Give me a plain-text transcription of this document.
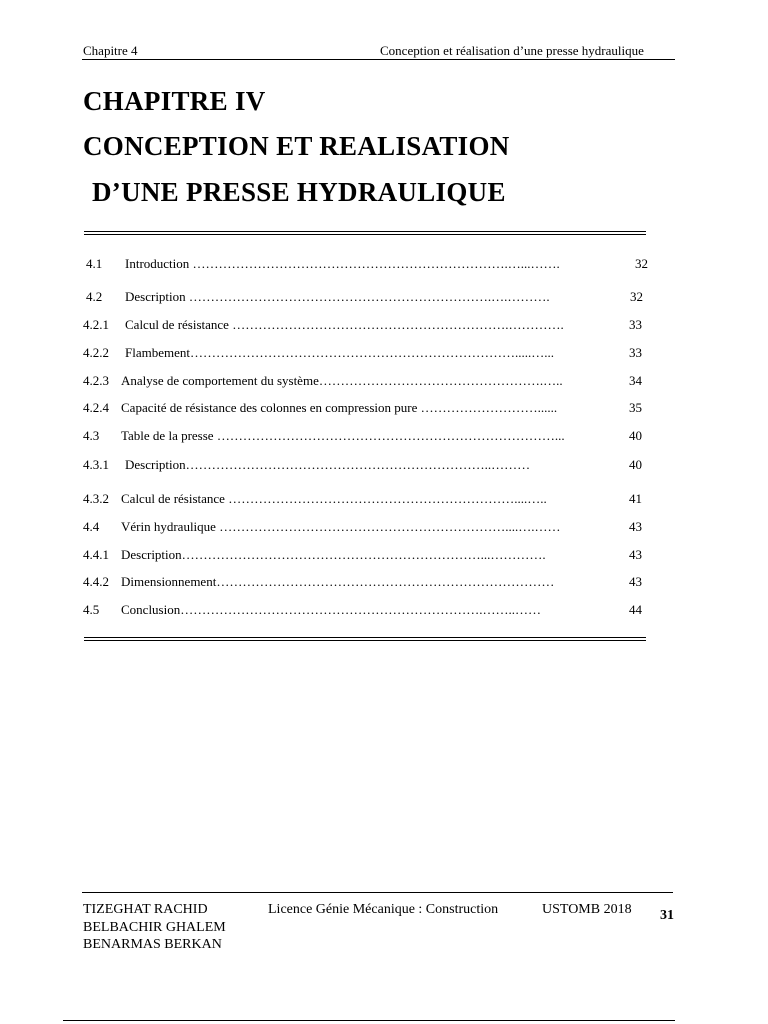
Chapitre 4	Conception et réalisation d’une presse hydraulique
CHAPITRE IV
CONCEPTION ET REALISATION
D’UNE PRESSE HYDRAULIQUE
4.1 Introduction ……………………………………………………………….…...…….	32
4.2 Description …………………………………………………………….….……….	32
4.2.1 Calcul de résistance ……………………………………………………….………….	33
4.2.2 Flambement………………………………………………………………….....…...	33
4.2.3 Analyse de comportement du système…………………………………………….…..	34
4.2.4 Capacité de résistance des colonnes en compression pure ………………………......	35
4.3 Table de la presse ……………………………………………………………………...	40
4.3.1 Description……………………………………………………………..………	40
4.3.2 Calcul de résistance …………………………………………………………....…..	41
4.4 Vérin hydraulique …………………………………………………………....….……	43
4.4.1 Description……………………………………………………………...………….	43
4.4.2 Dimensionnement……………………………………………………………………	43
4.5 Conclusion…………………………………………………………….……..……	44
TIZEGHAT RACHID
BELBACHIR GHALEM
BENARMAS BERKAN
Licence Génie Mécanique : Construction	USTOMB 2018 31
